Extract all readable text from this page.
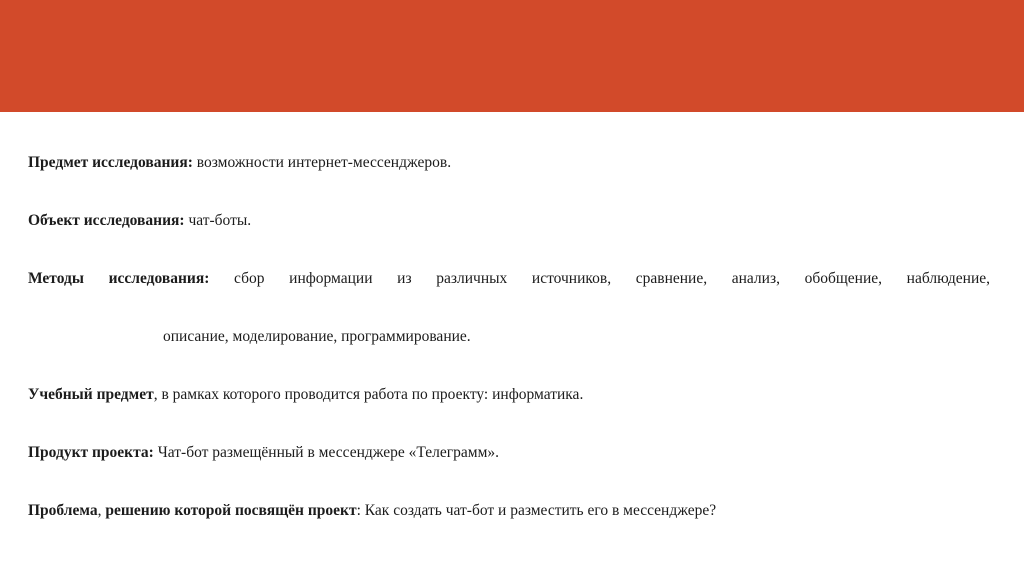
Предмет исследования: возможности интернет-мессенджеров.
Объект исследования: чат-боты.
Методы исследования: сбор информации из различных источников, сравнение, анализ, обобщение, наблюдение,
описание, моделирование, программирование.
Учебный предмет, в рамках которого проводится работа по проекту: информатика.
Продукт проекта: Чат-бот размещённый в мессенджере «Телеграмм».
Проблема, решению которой посвящён проект: Как создать чат-бот и разместить его в мессенджере?
